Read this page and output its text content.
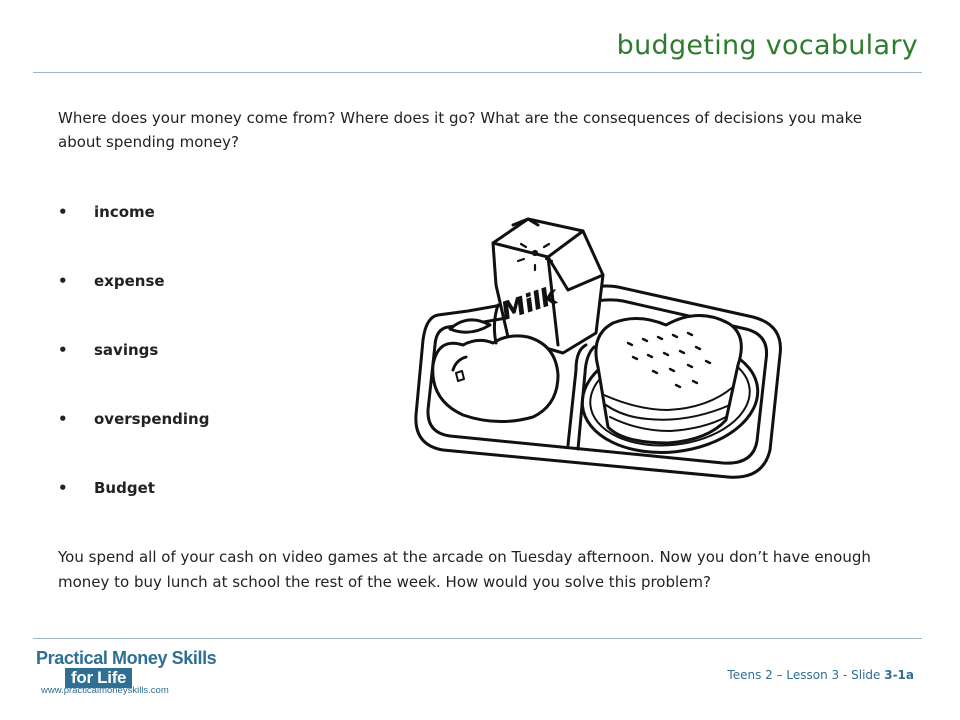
budgeting vocabulary
Where does your money come from? Where does it go? What are the consequences of decisions you make about spending money?
• income
• expense
• savings
• overspending
• Budget
Milk
You spend all of your cash on video games at the arcade on Tuesday afternoon. Now you don’t have enough money to buy lunch at school the rest of the week. How would you solve this problem?
Practical Money Skills
for Life
www.practicalmoneyskills.com
Teens 2 – Lesson 3 - Slide 3-1a
